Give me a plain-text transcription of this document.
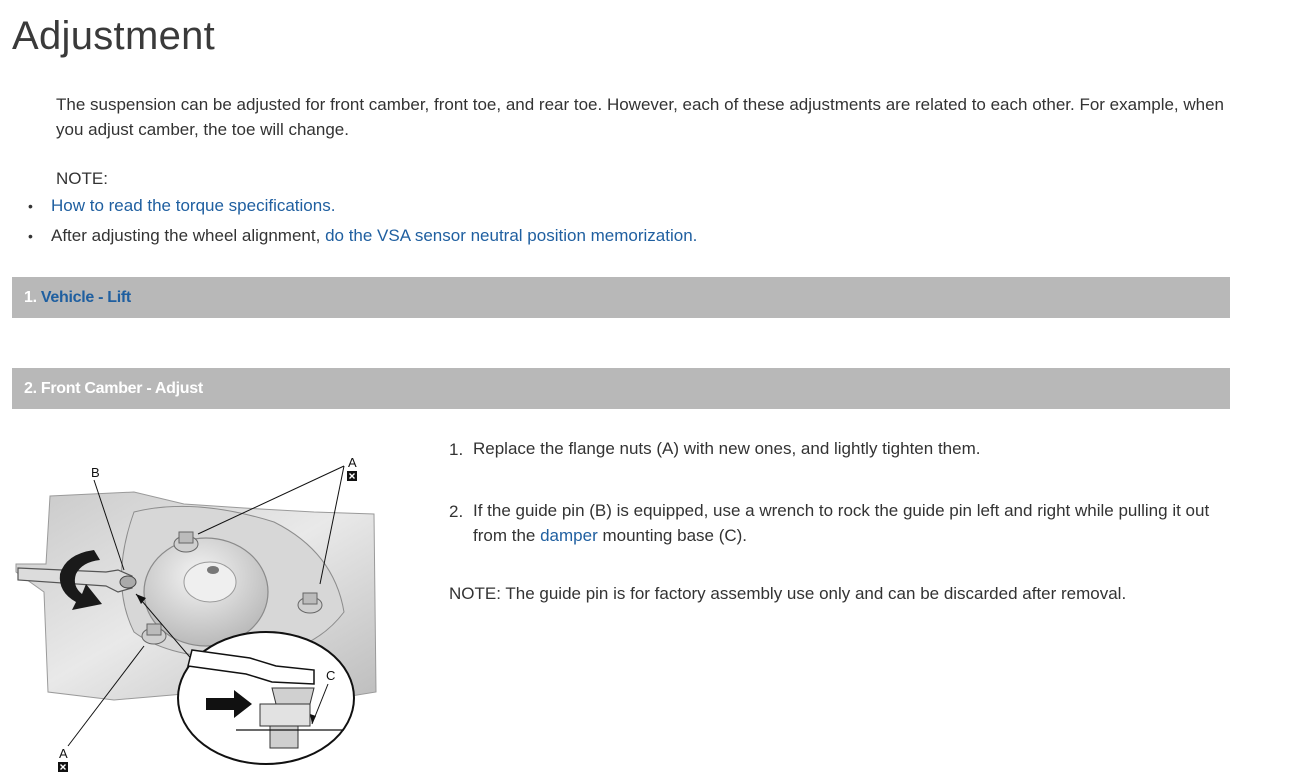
Adjustment

The suspension can be adjusted for front camber, front toe, and rear toe. However, each of these adjustments are related to each other. For example, when you adjust camber, the toe will change.

NOTE:
• How to read the torque specifications.
• After adjusting the wheel alignment, do the VSA sensor neutral position memorization.
1. Vehicle - Lift
2. Front Camber - Adjust
B
A
C
A
1. Replace the flange nuts (A) with new ones, and lightly tighten them.
2. If the guide pin (B) is equipped, use a wrench to rock the guide pin left and right while pulling it out from the damper mounting base (C).
NOTE: The guide pin is for factory assembly use only and can be discarded after removal.
